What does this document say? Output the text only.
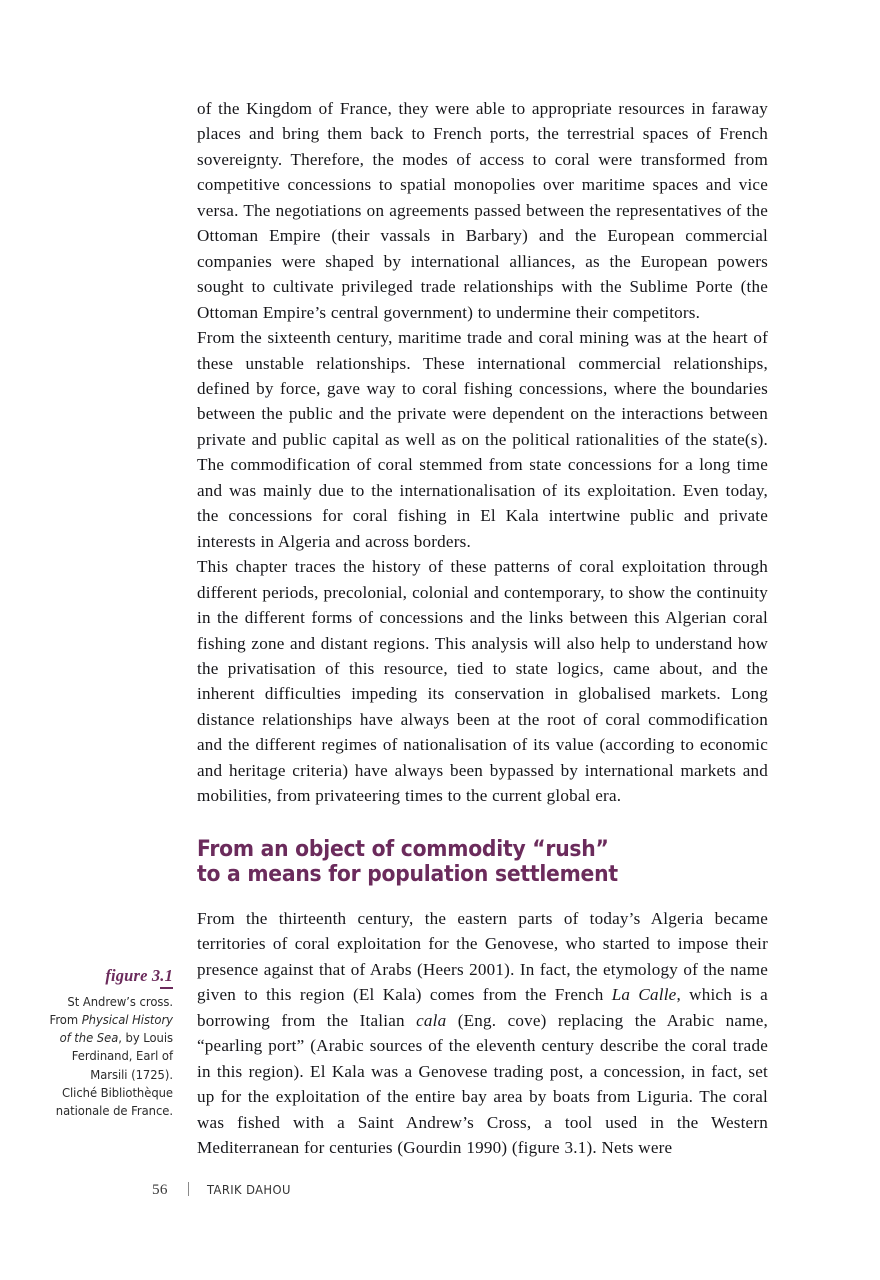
of the Kingdom of France, they were able to appropriate resources in faraway places and bring them back to French ports, the terrestrial spaces of French sovereignty. Therefore, the modes of access to coral were transformed from competitive concessions to spatial monopolies over maritime spaces and vice versa. The negotiations on agreements passed between the representatives of the Ottoman Empire (their vassals in Barbary) and the European commercial companies were shaped by international alliances, as the European powers sought to cultivate privileged trade relationships with the Sublime Porte (the Ottoman Empire’s central government) to undermine their competitors.

From the sixteenth century, maritime trade and coral mining was at the heart of these unstable relationships. These international commercial relationships, defined by force, gave way to coral fishing concessions, where the boundaries between the public and the private were dependent on the interactions between private and public capital as well as on the political rationalities of the state(s). The commodification of coral stemmed from state concessions for a long time and was mainly due to the internationalisation of its exploitation. Even today, the concessions for coral fishing in El Kala intertwine public and private interests in Algeria and across borders.

This chapter traces the history of these patterns of coral exploitation through different periods, precolonial, colonial and contemporary, to show the continuity in the different forms of concessions and the links between this Algerian coral fishing zone and distant regions. This analysis will also help to understand how the privatisation of this resource, tied to state logics, came about, and the inherent difficulties impeding its conservation in globalised markets. Long distance relationships have always been at the root of coral commodification and the different regimes of nationalisation of its value (according to economic and heritage criteria) have always been bypassed by international markets and mobilities, from privateering times to the current global era.

From an object of commodity “rush”
to a means for population settlement

From the thirteenth century, the eastern parts of today’s Algeria became territories of coral exploitation for the Genovese, who started to impose their presence against that of Arabs (Heers 2001). In fact, the etymology of the name given to this region (El Kala) comes from the French La Calle, which is a borrowing from the Italian cala (Eng. cove) replacing the Arabic name, “pearling port” (Arabic sources of the eleventh century describe the coral trade in this region). El Kala was a Genovese trading post, a concession, in fact, set up for the exploitation of the entire bay area by boats from Liguria. The coral was fished with a Saint Andrew’s Cross, a tool used in the Western Mediterranean for centuries (Gourdin 1990) (figure 3.1). Nets were

figure 3.1
St Andrew’s cross.
From Physical History
of the Sea, by Louis
Ferdinand, Earl of
Marsili (1725).
Cliché Bibliothèque
nationale de France.
56	TARIK DAHOU
